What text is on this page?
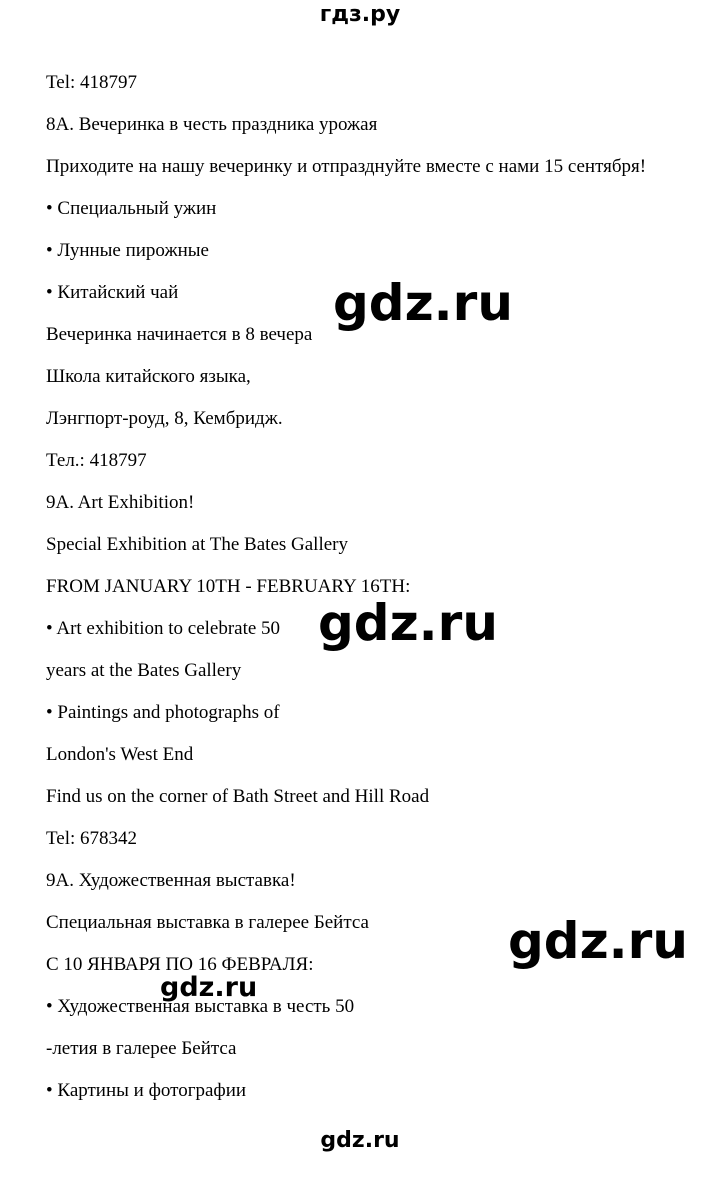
гдз.ру
Tel: 418797
8A. Вечеринка в честь праздника урожая
Приходите на нашу вечеринку и отпразднуйте вместе с нами 15 сентября!
• Специальный ужин
• Лунные пирожные
• Китайский чай
Вечеринка начинается в 8 вечера
Школа китайского языка,
Лэнгпорт-роуд, 8, Кембридж.
Тел.: 418797
9A. Art Exhibition!
Special Exhibition at The Bates Gallery
FROM JANUARY 10TH - FEBRUARY 16TH:
• Art exhibition to celebrate 50
years at the Bates Gallery
• Paintings and photographs of
London's West End
Find us on the corner of Bath Street and Hill Road
Tel: 678342
9A. Художественная выставка!
Специальная выставка в галерее Бейтса
С 10 ЯНВАРЯ ПО 16 ФЕВРАЛЯ:
• Художественная выставка в честь 50
-летия в галерее Бейтса
• Картины и фотографии
gdz.ru
gdz.ru
gdz.ru
gdz.ru
gdz.ru
